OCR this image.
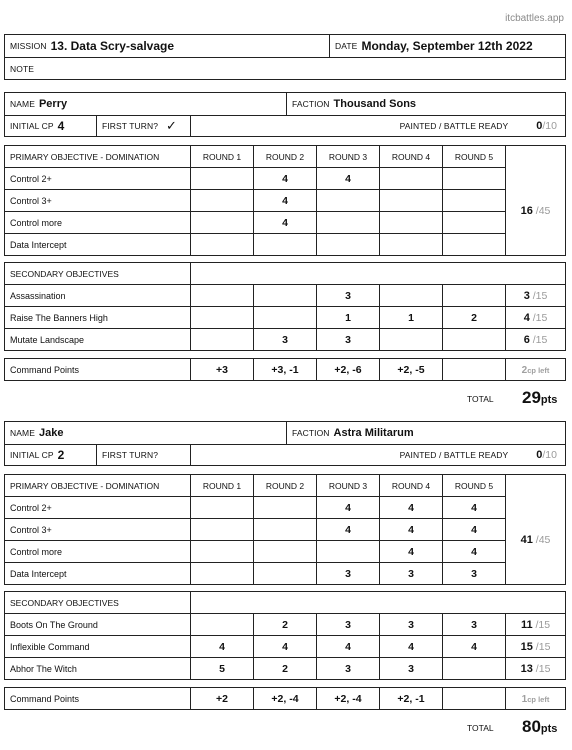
itcbattles.app
MISSION 13. Data Scry-salvage	DATE Monday, September 12th 2022
NOTE
NAME Perry	FACTION Thousand Sons
INITIAL CP 4	FIRST TURN? ✓	PAINTED / BATTLE READY	0 /10
PRIMARY OBJECTIVE - DOMINATION	ROUND 1	ROUND 2	ROUND 3	ROUND 4	ROUND 5	
Control 2+		4	4			16 /45
Control 3+		4				
Control more		4				
Data Intercept						
SECONDARY OBJECTIVES						
Assassination			3			3 /15
Raise The Banners High			1	1	2	4 /15
Mutate Landscape		3	3			6 /15
Command Points	+3	+3, -1	+2, -6	+2, -5		2cp left
TOTAL 29pts
NAME Jake	FACTION Astra Militarum
INITIAL CP 2	FIRST TURN?	PAINTED / BATTLE READY	0 /10
PRIMARY OBJECTIVE - DOMINATION	ROUND 1	ROUND 2	ROUND 3	ROUND 4	ROUND 5	
Control 2+			4	4	4	41 /45
Control 3+			4	4	4	
Control more				4	4	
Data Intercept			3	3	3	
SECONDARY OBJECTIVES						
Boots On The Ground		2	3	3	3	11 /15
Inflexible Command	4	4	4	4	4	15 /15
Abhor The Witch	5	2	3	3		13 /15
Command Points	+2	+2, -4	+2, -4	+2, -1		1cp left
TOTAL 80pts
